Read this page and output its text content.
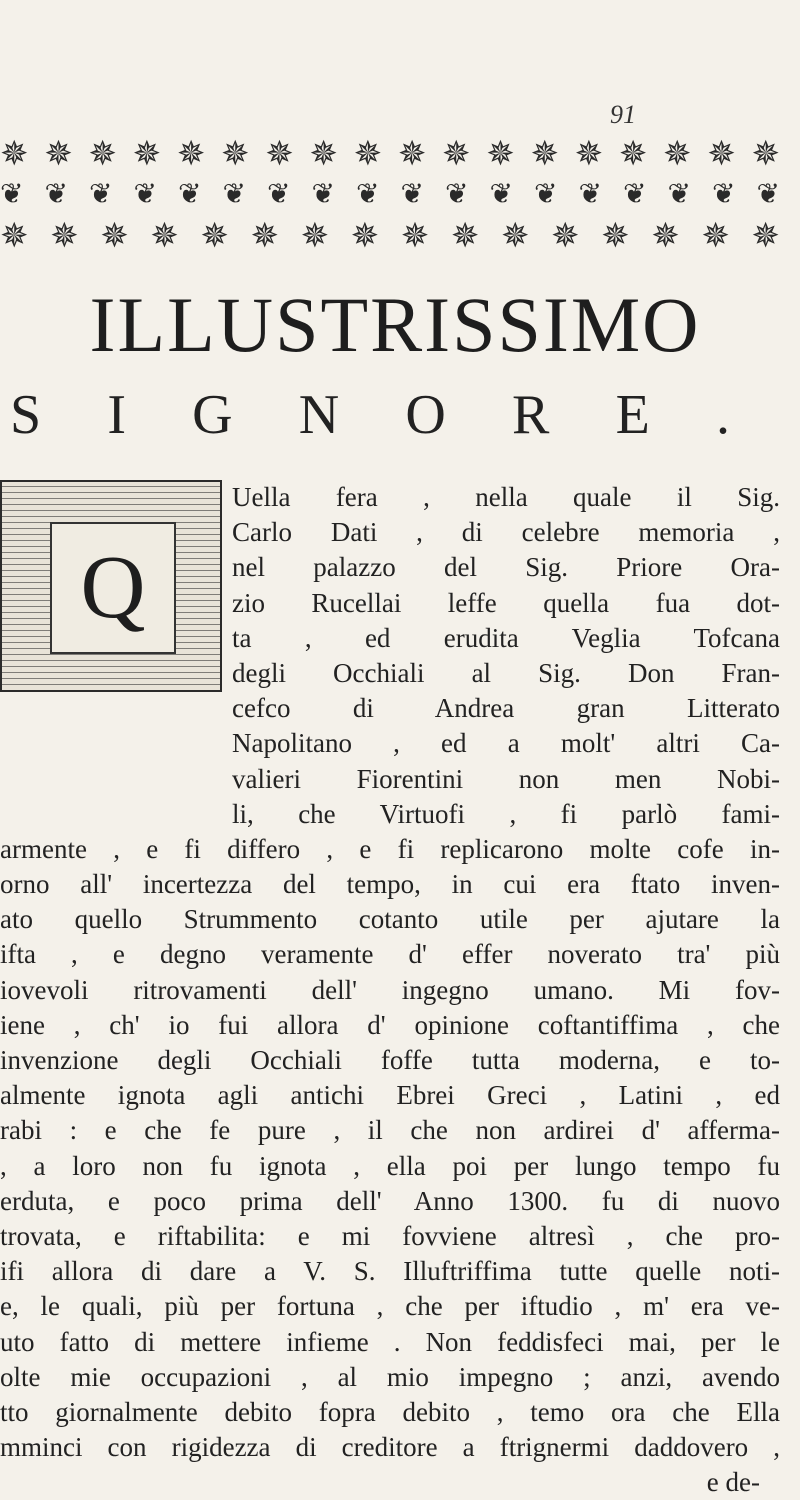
91
✵ ✵ ✵ ✵ ✵ ✵ ✵ ✵ ✵ ✵ ✵ ✵ ✵ ✵ ✵ ✵ ✵ ✵
❦ ❦ ❦ ❦ ❦ ❦ ❦ ❦ ❦ ❦ ❦ ❦ ❦ ❦ ❦ ❦ ❦ ❦
✵ ✵ ✵ ✵ ✵ ✵ ✵ ✵ ✵ ✵ ✵ ✵ ✵ ✵ ✵ ✵
ILLUSTRISSIMO
S I G N O R E .
Q
Uella fera , nella quale il Sig.
Carlo Dati , di celebre memoria ,
nel palazzo del Sig. Priore Ora-
zio Rucellai leffe quella fua dot-
ta , ed erudita Veglia Tofcana
degli Occhiali al Sig. Don Fran-
cefco di Andrea gran Litterato
Napolitano , ed a molt' altri Ca-
valieri Fiorentini non men Nobi-
li, che Virtuofi , fi parlò fami-
armente , e fi differo , e fi replicarono molte cofe in-
orno all' incertezza del tempo, in cui era ftato inven-
ato quello Strummento cotanto utile per ajutare la
ifta , e degno veramente d' effer noverato tra' più
iovevoli ritrovamenti dell' ingegno umano. Mi fov-
iene , ch' io fui allora d' opinione coftantiffima , che
invenzione degli Occhiali foffe tutta moderna, e to-
almente ignota agli antichi Ebrei Greci , Latini , ed
rabi : e che fe pure , il che non ardirei d' afferma-
, a loro non fu ignota , ella poi per lungo tempo fu
erduta, e poco prima dell' Anno 1300. fu di nuovo
trovata, e riftabilita: e mi fovviene altresì , che pro-
ifi allora di dare a V. S. Illuftriffima tutte quelle noti-
e, le quali, più per fortuna , che per iftudio , m' era ve-
uto fatto di mettere infieme . Non feddisfeci mai, per le
olte mie occupazioni , al mio impegno ; anzi, avendo
tto giornalmente debito fopra debito , temo ora che Ella
mminci con rigidezza di creditore a ftrignermi daddovero ,
e de-
